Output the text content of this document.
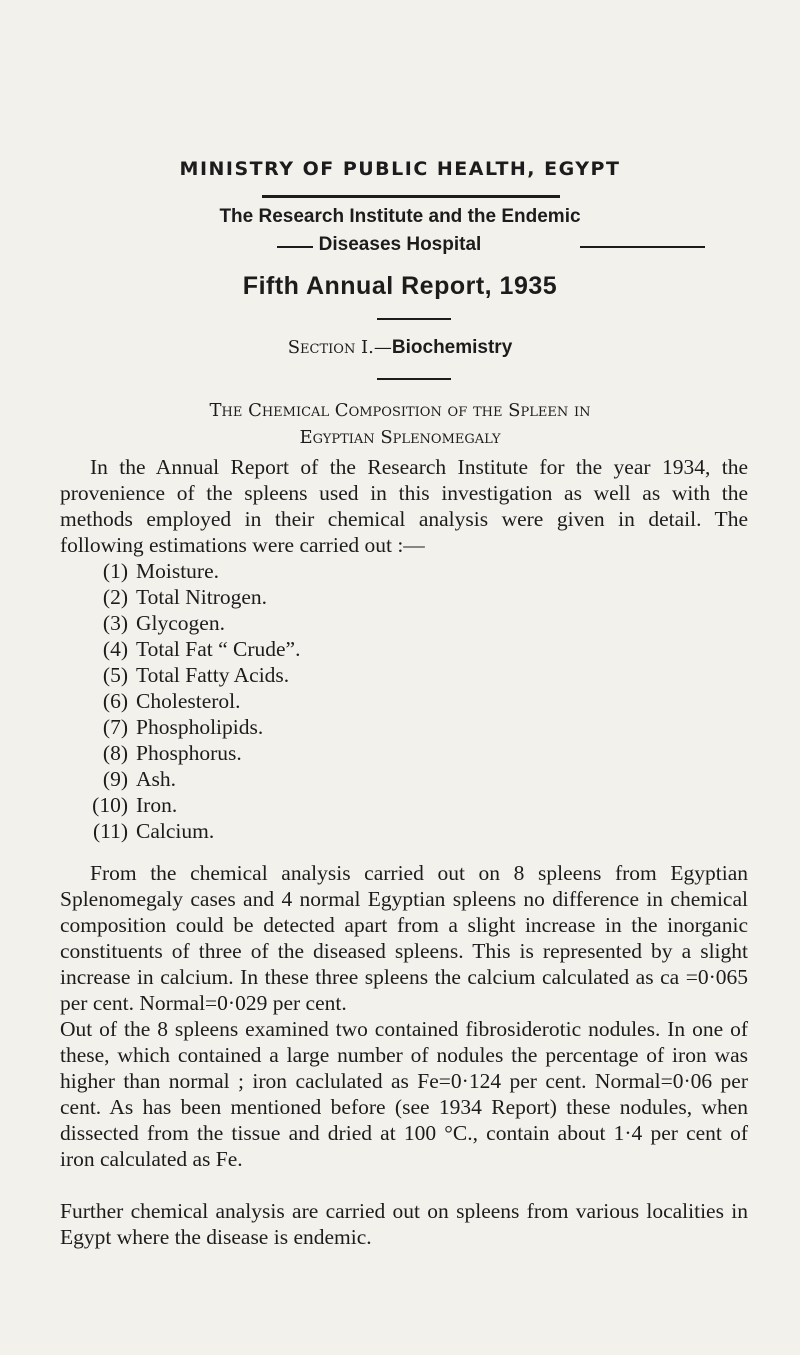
MINISTRY OF PUBLIC HEALTH, EGYPT
The Research Institute and the Endemic
Diseases Hospital
Fifth Annual Report, 1935
Section I.—Biochemistry
The Chemical Composition of the Spleen in
Egyptian Splenomegaly
In the Annual Report of the Research Institute for the year 1934, the provenience of the spleens used in this investigation as well as with the methods employed in their chemical analysis were given in detail. The following estimations were carried out :—
(1) Moisture.
(2) Total Nitrogen.
(3) Glycogen.
(4) Total Fat “ Crude”.
(5) Total Fatty Acids.
(6) Cholesterol.
(7) Phospholipids.
(8) Phosphorus.
(9) Ash.
(10) Iron.
(11) Calcium.
From the chemical analysis carried out on 8 spleens from Egyptian Splenomegaly cases and 4 normal Egyptian spleens no difference in chemical composition could be detected apart from a slight increase in the inorganic constituents of three of the diseased spleens. This is represented by a slight increase in calcium. In these three spleens the calcium calculated as ca =0·065 per cent. Normal=0·029 per cent.
Out of the 8 spleens examined two contained fibrosiderotic nodules. In one of these, which contained a large number of nodules the percentage of iron was higher than normal ; iron caclulated as Fe=0·124 per cent. Normal=0·06 per cent. As has been mentioned before (see 1934 Report) these nodules, when dissected from the tissue and dried at 100 °C., contain about 1·4 per cent of iron calculated as Fe.
Further chemical analysis are carried out on spleens from various localities in Egypt where the disease is endemic.
